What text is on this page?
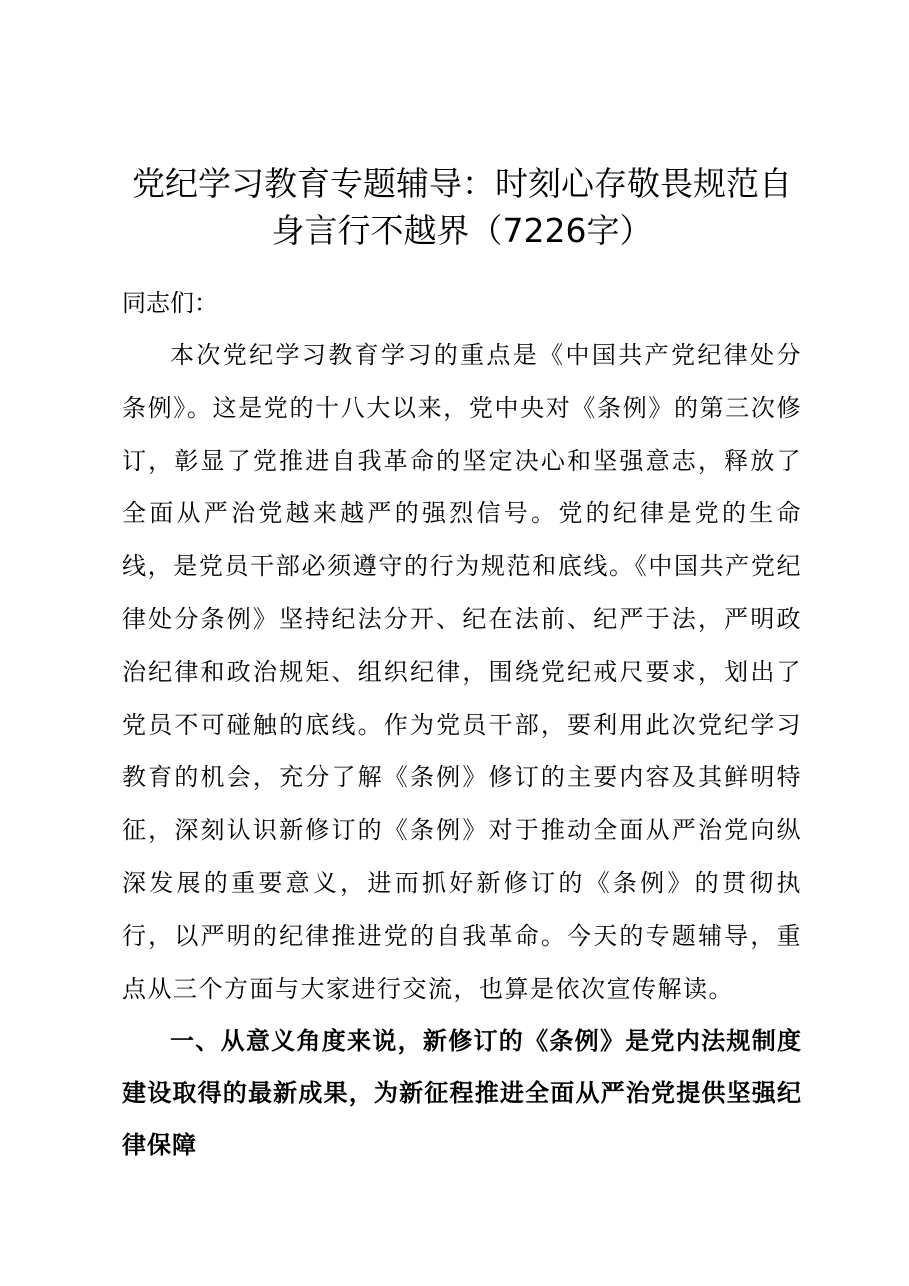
党纪学习教育专题辅导：时刻心存敬畏规范自身言行不越界（7226字）

同志们：

本次党纪学习教育学习的重点是《中国共产党纪律处分条例》。这是党的十八大以来，党中央对《条例》的第三次修订，彰显了党推进自我革命的坚定决心和坚强意志，释放了全面从严治党越来越严的强烈信号。党的纪律是党的生命线，是党员干部必须遵守的行为规范和底线。《中国共产党纪律处分条例》坚持纪法分开、纪在法前、纪严于法，严明政治纪律和政治规矩、组织纪律，围绕党纪戒尺要求，划出了党员不可碰触的底线。作为党员干部，要利用此次党纪学习教育的机会，充分了解《条例》修订的主要内容及其鲜明特征，深刻认识新修订的《条例》对于推动全面从严治党向纵深发展的重要意义，进而抓好新修订的《条例》的贯彻执行，以严明的纪律推进党的自我革命。今天的专题辅导，重点从三个方面与大家进行交流，也算是依次宣传解读。

一、从意义角度来说，新修订的《条例》是党内法规制度建设取得的最新成果，为新征程推进全面从严治党提供坚强纪律保障
